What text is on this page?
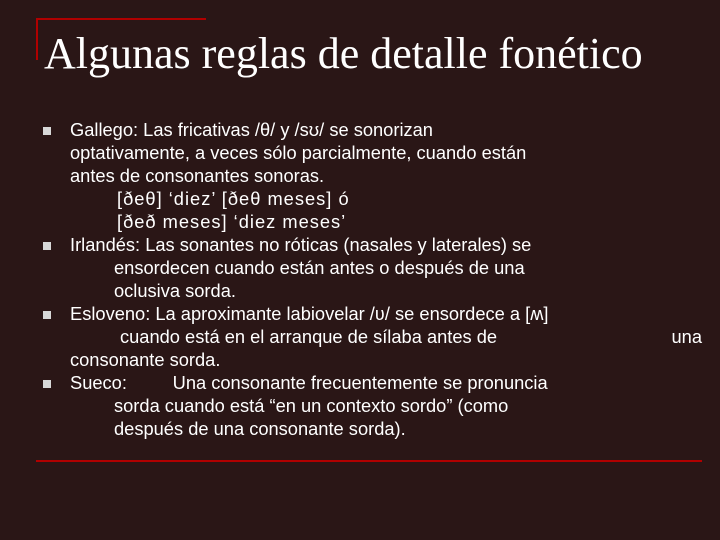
Algunas reglas de detalle fonético
Gallego: Las fricativas /θ/ y /sʊ/ se sonorizan
optativamente, a veces sólo parcialmente, cuando están
antes de consonantes sonoras.
[ðeθ] ‘diez’ [ðeθ meses] ó
[ðeð meses] ‘diez meses’
Irlandés: Las sonantes no róticas (nasales y laterales) se
ensordecen cuando están antes o después de una
oclusiva sorda.
Esloveno: La aproximante labiovelar /ʋ/ se ensordece a [ʍ]
cuando está en el arranque de sílaba antes de	una
consonante sorda.
Sueco:         Una consonante frecuentemente se pronuncia
sorda cuando está “en un contexto sordo” (como
después de una consonante sorda).
